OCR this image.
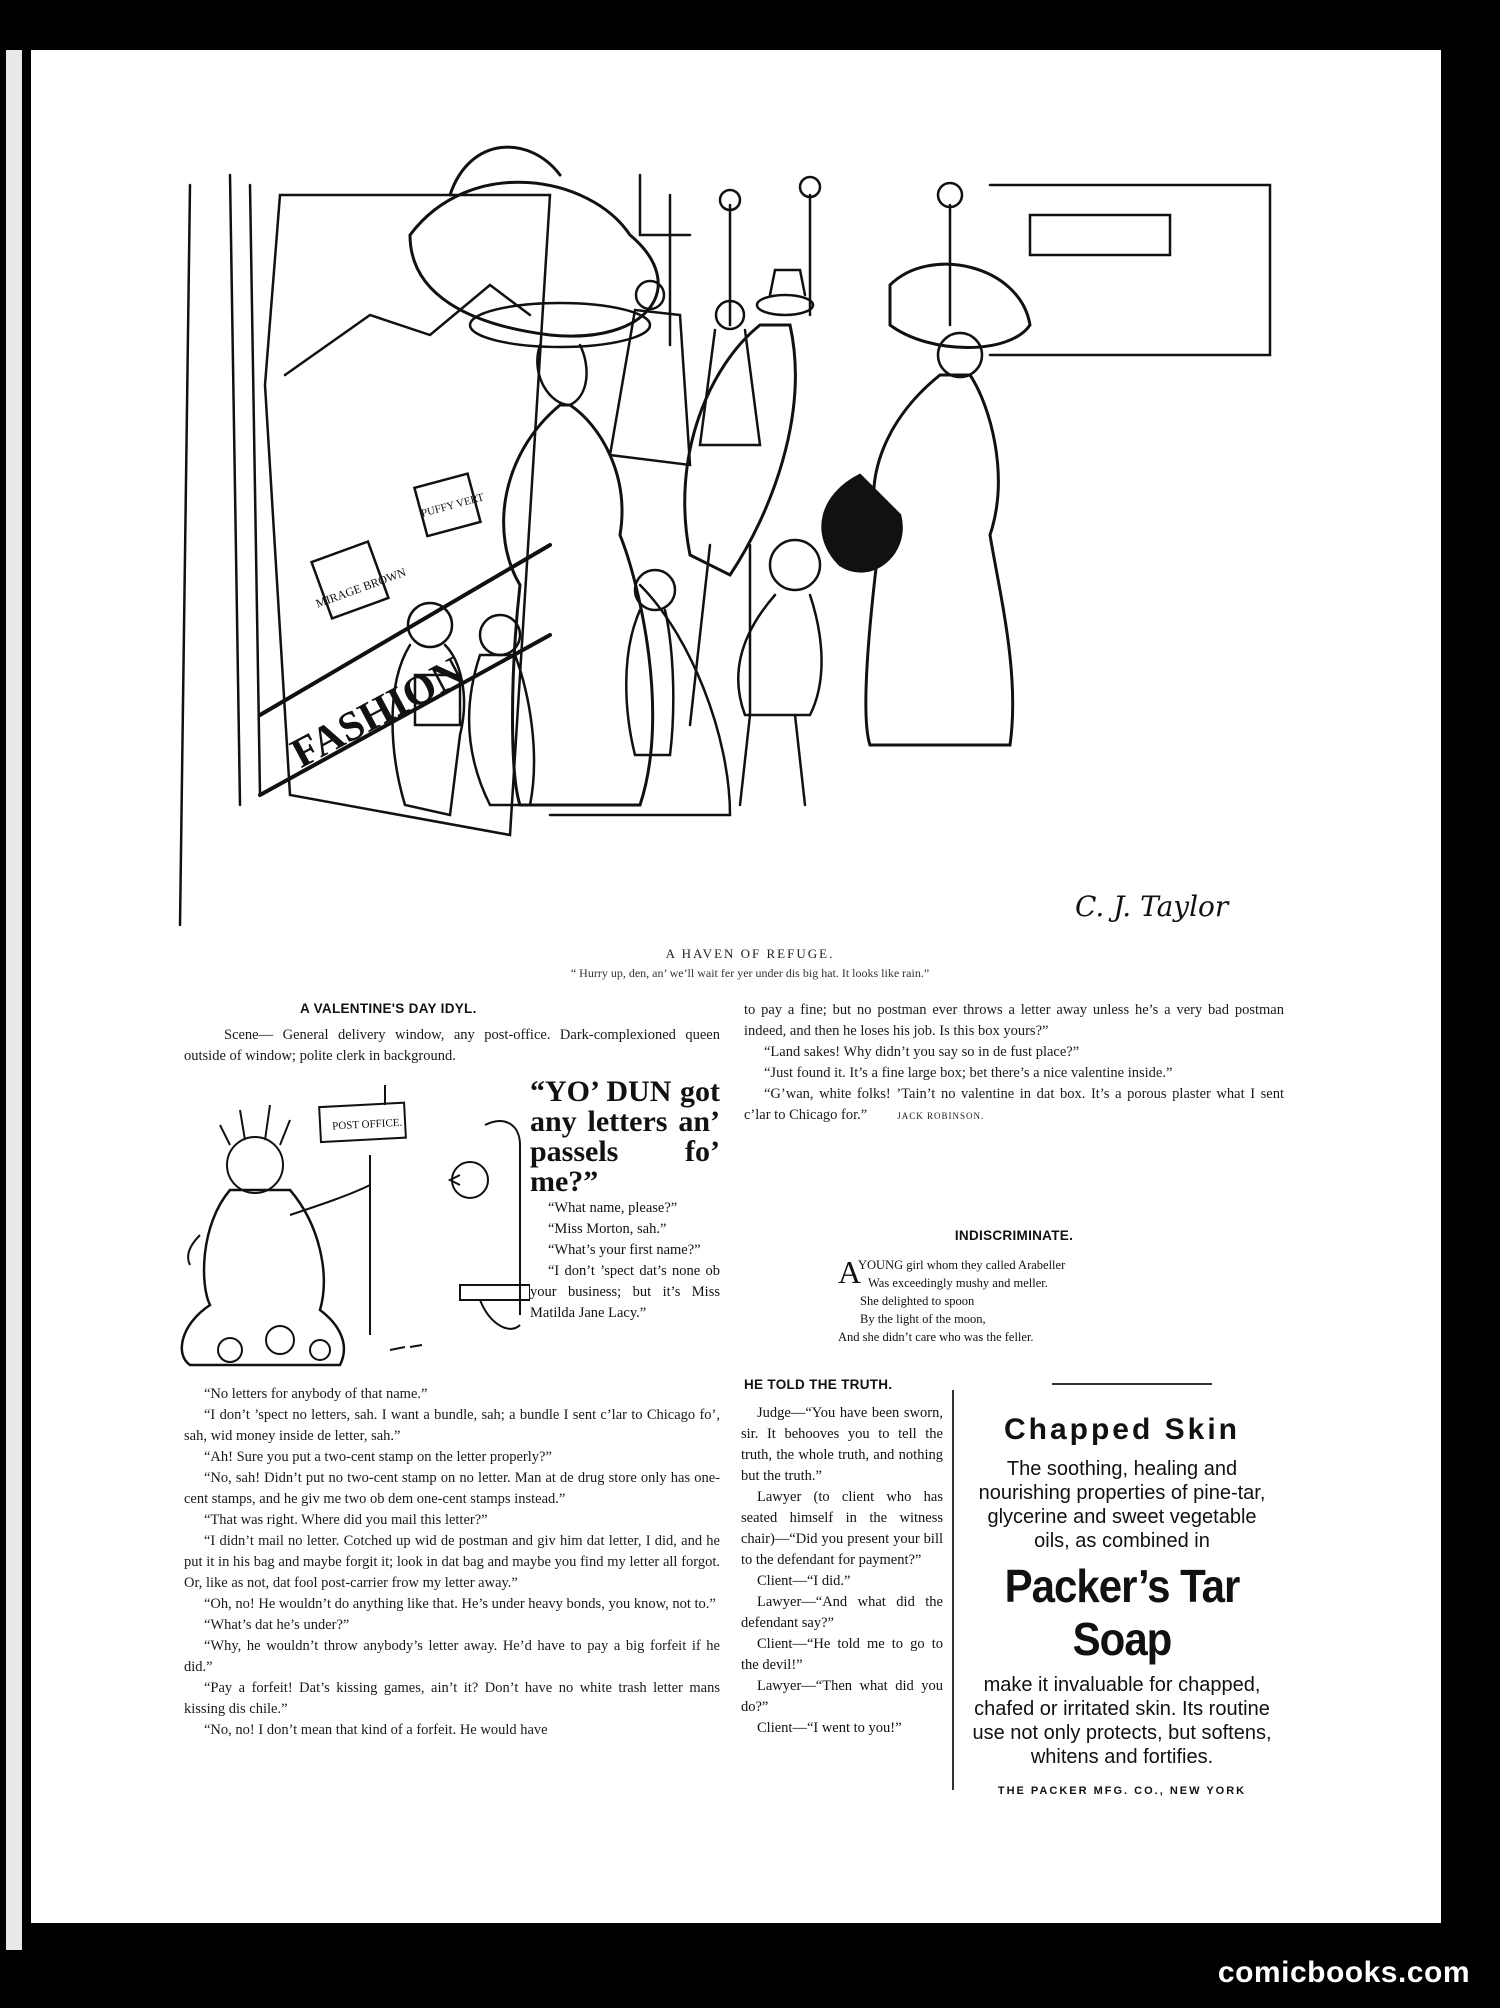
FASHION
MIRAGE BROWN
PUFFY VERT
C. J. Taylor
A HAVEN OF REFUGE.
“ Hurry up, den, an’ we’ll wait fer yer under dis big hat. It looks like rain.”
A VALENTINE'S DAY IDYL.

Scene— General delivery window, any post-office. Dark-complexioned queen outside of window; polite clerk in background.

POST OFFICE.

“YO’ DUN got any letters an’ passels fo’ me?”

“What name, please?”

“Miss Morton, sah.”

“What’s your first name?”

“I don’t ’spect dat’s none ob your business; but it’s Miss Matilda Jane Lacy.”

“No letters for anybody of that name.”

“I don’t ’spect no letters, sah. I want a bundle, sah; a bundle I sent c’lar to Chicago fo’, sah, wid money inside de letter, sah.”

“Ah! Sure you put a two-cent stamp on the letter properly?”

“No, sah! Didn’t put no two-cent stamp on no letter. Man at de drug store only has one-cent stamps, and he giv me two ob dem one-cent stamps instead.”

“That was right. Where did you mail this letter?”

“I didn’t mail no letter. Cotched up wid de postman and giv him dat letter, I did, and he put it in his bag and maybe forgit it; look in dat bag and maybe you find my letter all forgot. Or, like as not, dat fool post-carrier frow my letter away.”

“Oh, no! He wouldn’t do anything like that. He’s under heavy bonds, you know, not to.”

“What’s dat he’s under?”

“Why, he wouldn’t throw anybody’s letter away. He’d have to pay a big forfeit if he did.”

“Pay a forfeit! Dat’s kissing games, ain’t it? Don’t have no white trash letter mans kissing dis chile.”

“No, no! I don’t mean that kind of a forfeit. He would have

to pay a fine; but no postman ever throws a letter away unless he’s a very bad postman indeed, and then he loses his job. Is this box yours?”

“Land sakes! Why didn’t you say so in de fust place?”

“Just found it. It’s a fine large box; bet there’s a nice valentine inside.”

“G’wan, white folks! ’Tain’t no valentine in dat box. It’s a porous plaster what I sent c’lar to Chicago for.”	JACK ROBINSON.

INDISCRIMINATE.
A
YOUNG girl whom they called Arabeller
Was exceedingly mushy and meller.
She delighted to spoon
By the light of the moon,
And she didn’t care who was the feller.
HE TOLD THE TRUTH.

Judge—“You have been sworn, sir. It behooves you to tell the truth, the whole truth, and nothing but the truth.”

Lawyer (to client who has seated himself in the witness chair)—“Did you present your bill to the defendant for payment?”

Client—“I did.”

Lawyer—“And what did the defendant say?”

Client—“He told me to go to the devil!”

Lawyer—“Then what did you do?”

Client—“I went to you!”

Chapped Skin
The soothing, healing and nourishing properties of pine-tar, glycerine and sweet vegetable oils, as combined in
Packer’s Tar Soap
make it invaluable for chapped, chafed or irritated skin. Its routine use not only protects, but softens, whitens and fortifies.
THE PACKER MFG. CO., NEW YORK
comicbooks.com
